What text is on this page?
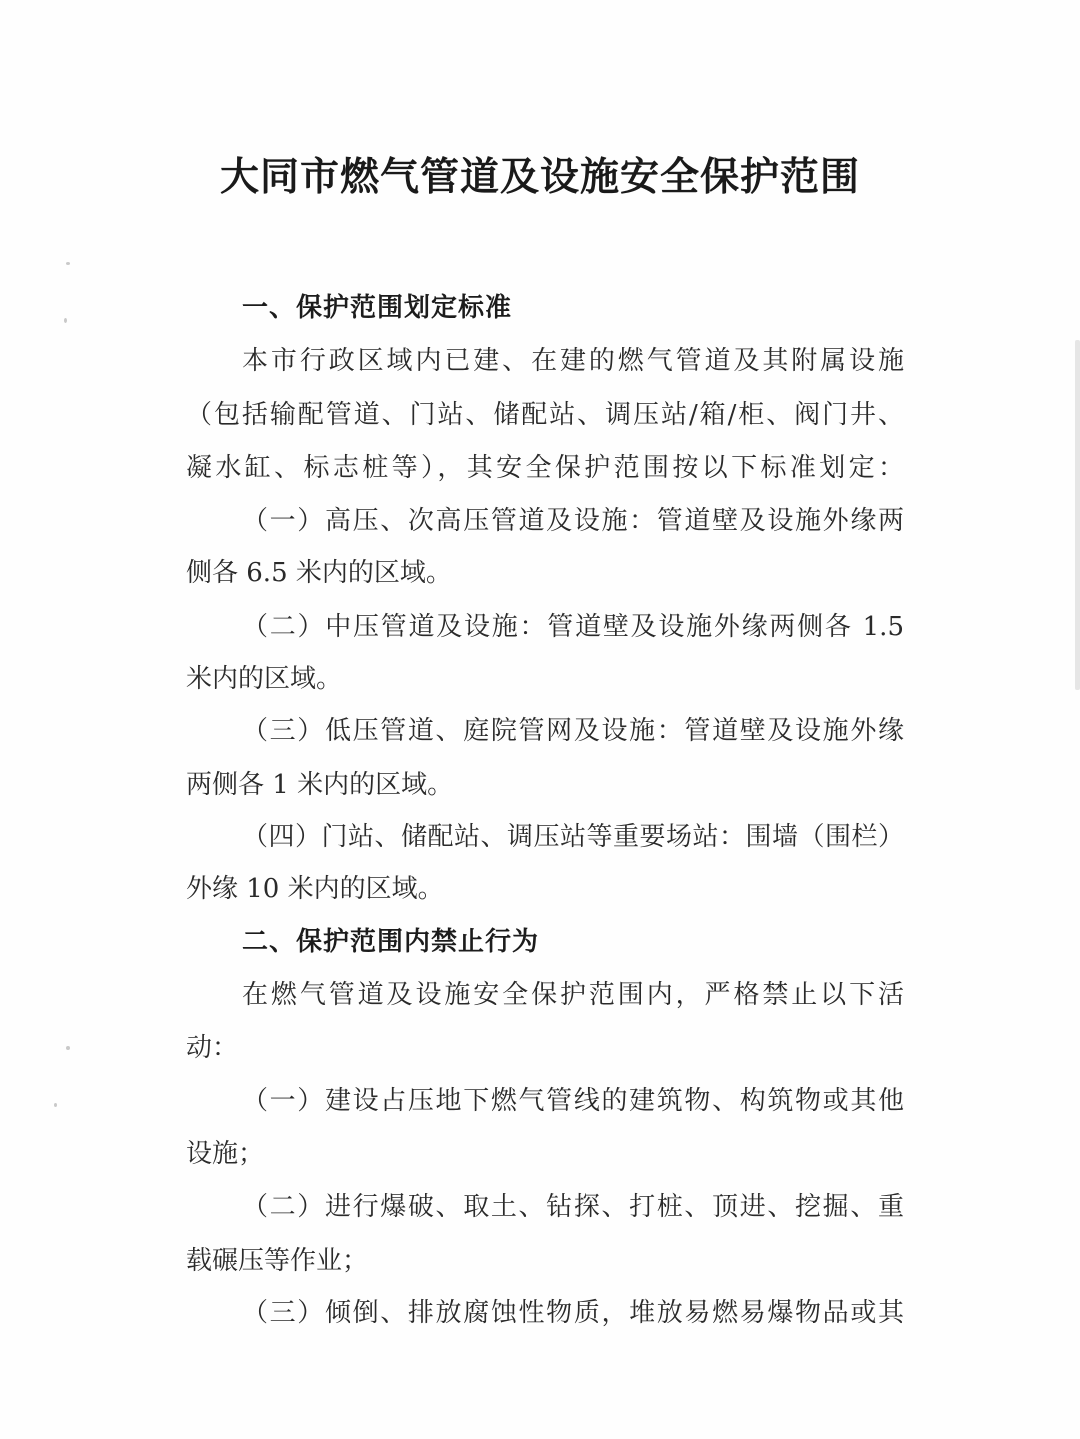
大同市燃气管道及设施安全保护范围
一、保护范围划定标准
本市行政区域内已建、在建的燃气管道及其附属设施
（包括输配管道、门站、储配站、调压站/箱/柜、阀门井、
凝水缸、标志桩等），其安全保护范围按以下标准划定：
（一）高压、次高压管道及设施：管道壁及设施外缘两
侧各 6.5 米内的区域。
（二）中压管道及设施：管道壁及设施外缘两侧各 1.5
米内的区域。
（三）低压管道、庭院管网及设施：管道壁及设施外缘
两侧各 1 米内的区域。
（四）门站、储配站、调压站等重要场站：围墙（围栏）
外缘 10 米内的区域。
二、保护范围内禁止行为
在燃气管道及设施安全保护范围内，严格禁止以下活
动：
（一）建设占压地下燃气管线的建筑物、构筑物或其他
设施；
（二）进行爆破、取土、钻探、打桩、顶进、挖掘、重
载碾压等作业；
（三）倾倒、排放腐蚀性物质，堆放易燃易爆物品或其
